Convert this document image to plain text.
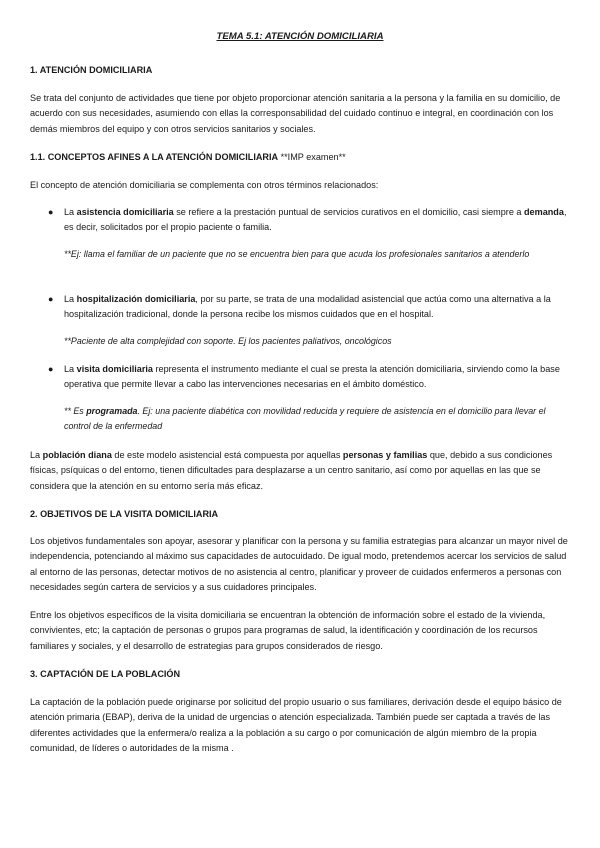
TEMA 5.1: ATENCIÓN DOMICILIARIA
1. ATENCIÓN DOMICILIARIA

Se trata del conjunto de actividades que tiene por objeto proporcionar atención sanitaria a la persona y la familia en su domicilio, de acuerdo con sus necesidades, asumiendo con ellas la corresponsabilidad del cuidado continuo e integral, en coordinación con los demás miembros del equipo y con otros servicios sanitarios y sociales.

1.1. CONCEPTOS AFINES A LA ATENCIÓN DOMICILIARIA **IMP examen**

El concepto de atención domiciliaria se complementa con otros términos relacionados:

● La asistencia domiciliaria se refiere a la prestación puntual de servicios curativos en el domicilio, casi siempre a demanda, es decir, solicitados por el propio paciente o familia.

**Ej: llama el familiar de un paciente que no se encuentra bien para que acuda los profesionales sanitarios a atenderlo

● La hospitalización domiciliaria, por su parte, se trata de una modalidad asistencial que actúa como una alternativa a la hospitalización tradicional, donde la persona recibe los mismos cuidados que en el hospital.

**Paciente de alta complejidad con soporte. Ej los pacientes paliativos, oncológicos

● La visita domiciliaria representa el instrumento mediante el cual se presta la atención domiciliaria, sirviendo como la base operativa que permite llevar a cabo las intervenciones necesarias en el ámbito doméstico.

** Es programada. Ej: una paciente diabética con movilidad reducida y requiere de asistencia en el domicilio para llevar el control de la enfermedad

La población diana de este modelo asistencial está compuesta por aquellas personas y familias que, debido a sus condiciones físicas, psíquicas o del entorno, tienen dificultades para desplazarse a un centro sanitario, así como por aquellas en las que se considera que la atención en su entorno sería más eficaz.

2. OBJETIVOS DE LA VISITA DOMICILIARIA

Los objetivos fundamentales son apoyar, asesorar y planificar con la persona y su familia estrategias para alcanzar un mayor nivel de independencia, potenciando al máximo sus capacidades de autocuidado. De igual modo, pretendemos acercar los servicios de salud al entorno de las personas, detectar motivos de no asistencia al centro, planificar y proveer de cuidados enfermeros a personas con necesidades según cartera de servicios y a sus cuidadores principales.

Entre los objetivos específicos de la visita domiciliaria se encuentran la obtención de información sobre el estado de la vivienda, convivientes, etc; la captación de personas o grupos para programas de salud, la identificación y coordinación de los recursos familiares y sociales, y el desarrollo de estrategias para grupos considerados de riesgo.

3. CAPTACIÓN DE LA POBLACIÓN

La captación de la población puede originarse por solicitud del propio usuario o sus familiares, derivación desde el equipo básico de atención primaria (EBAP), deriva de la unidad de urgencias o atención especializada. También puede ser captada a través de las diferentes actividades que la enfermera/o realiza a la población a su cargo o por comunicación de algún miembro de la propia comunidad, de líderes o autoridades de la misma .
